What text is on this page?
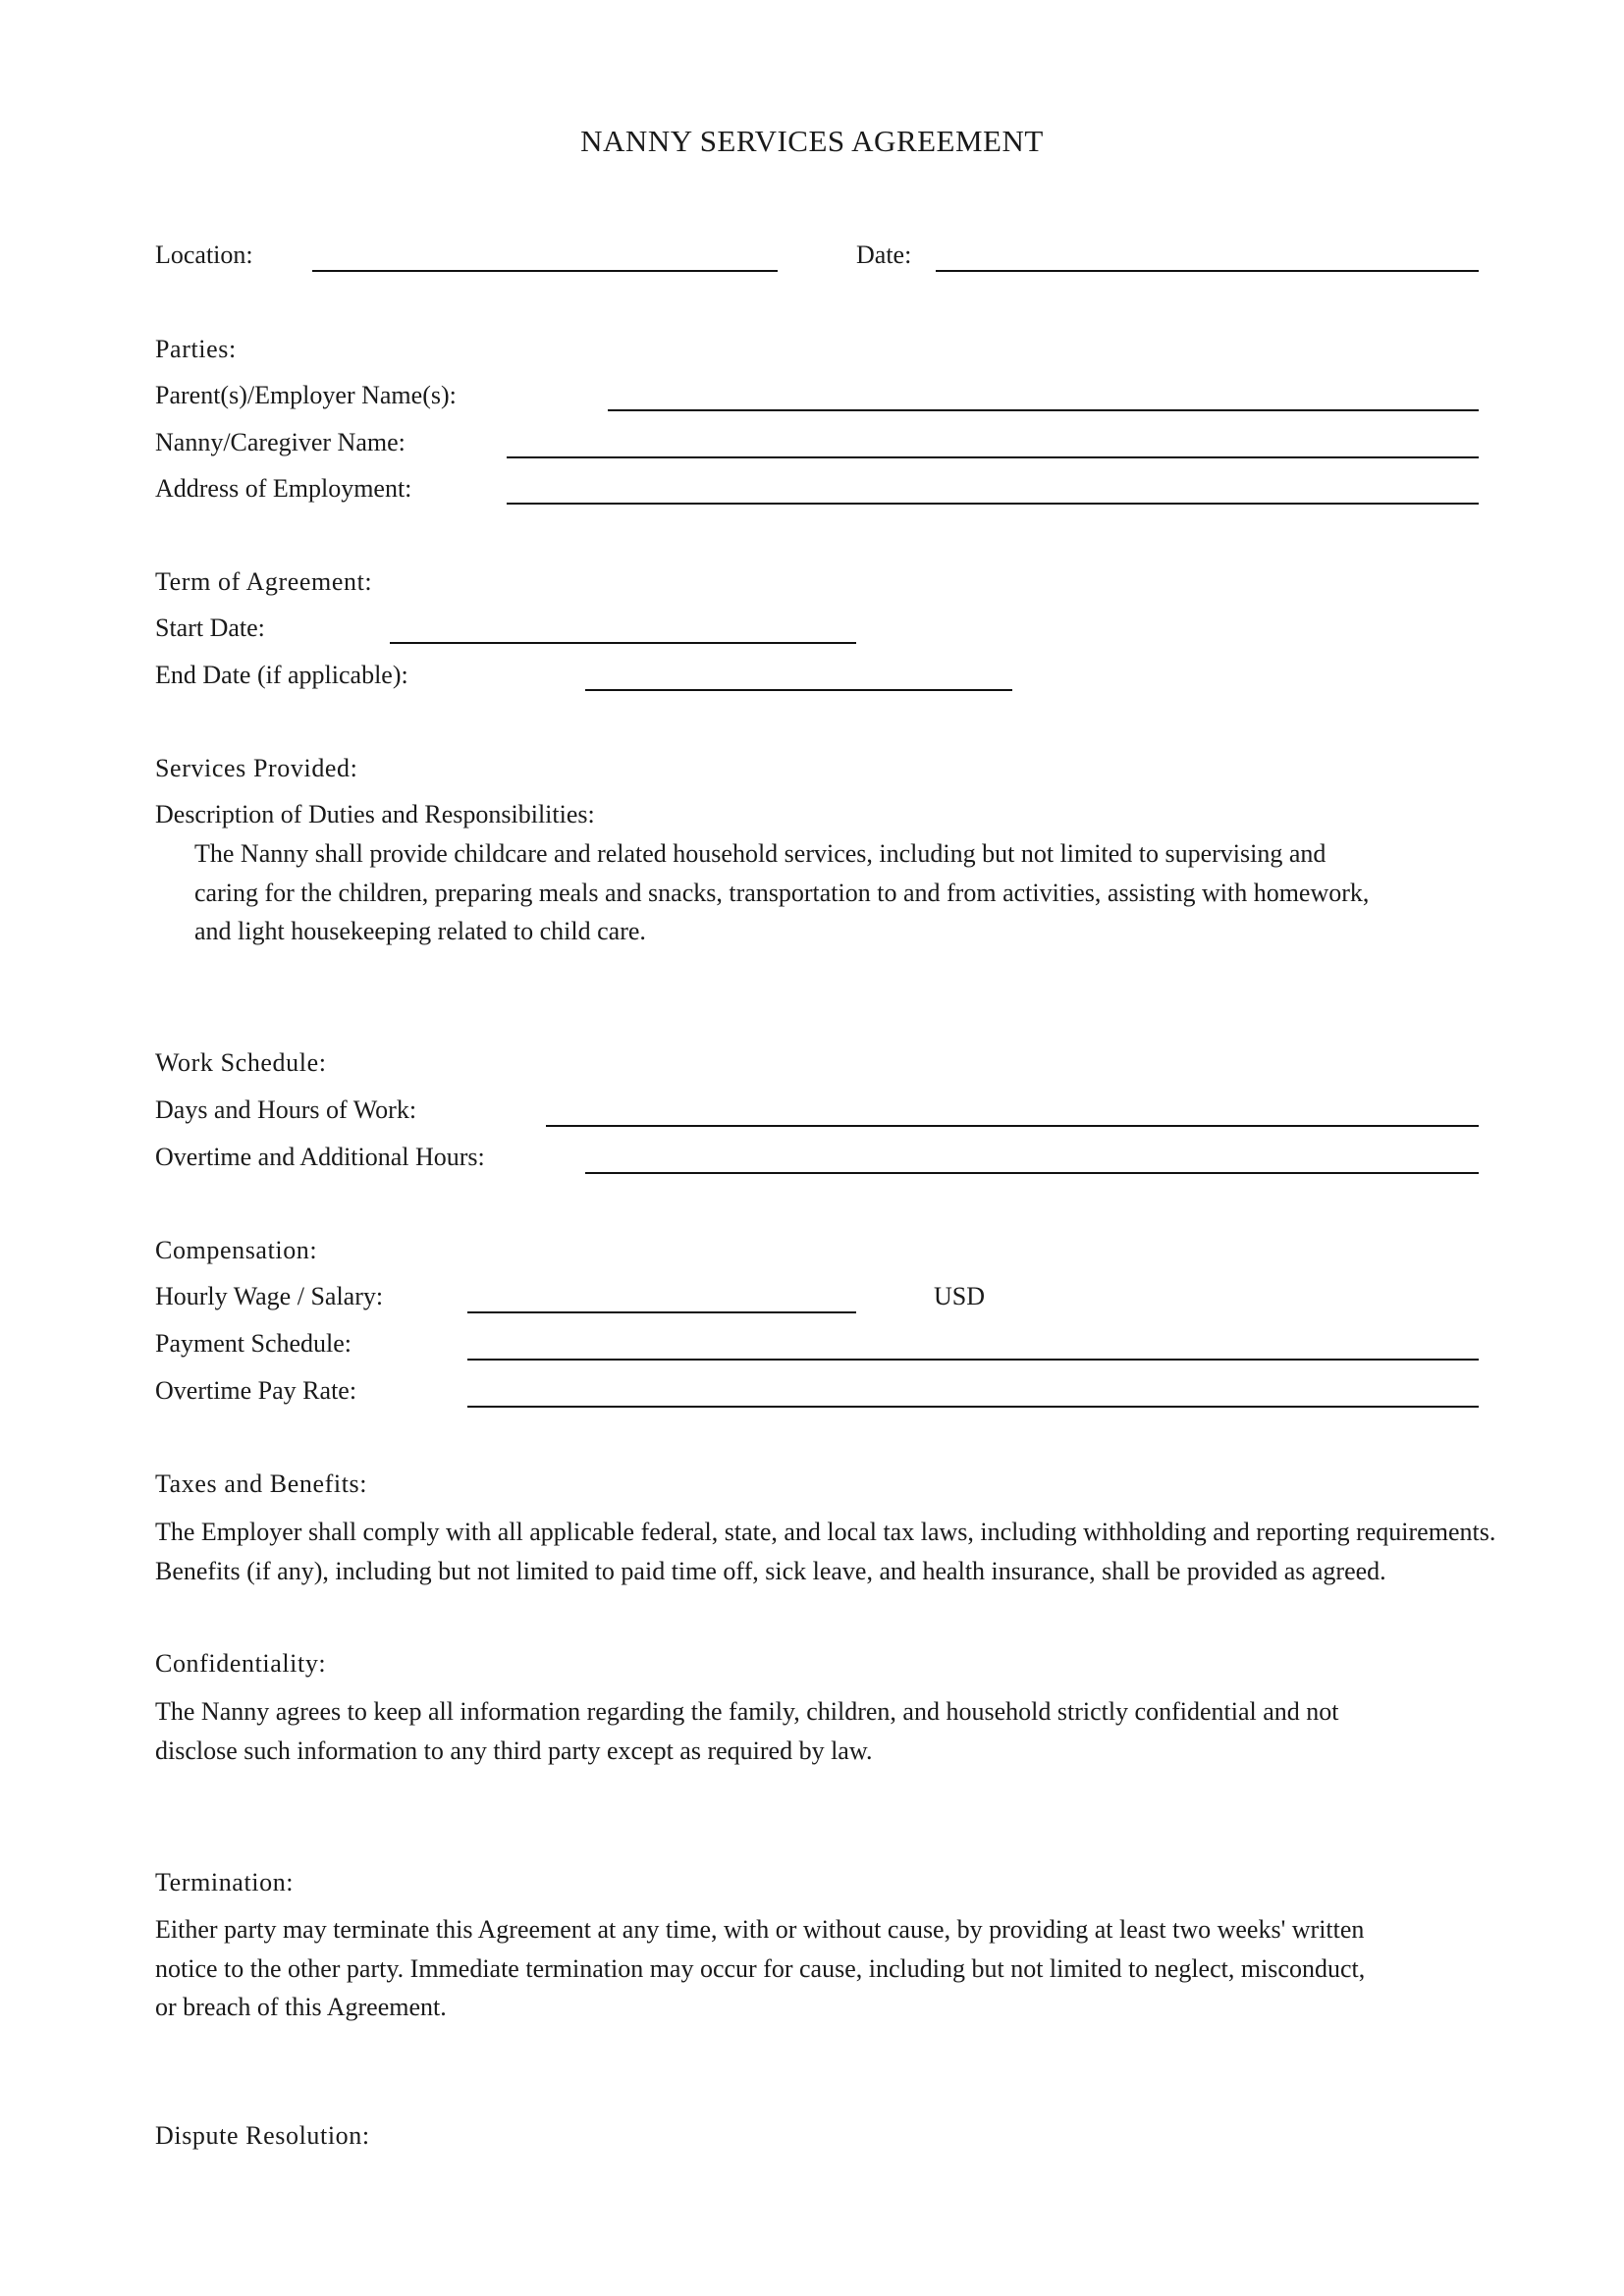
NANNY SERVICES AGREEMENT
Location:	Date:
Parties:
Parent(s)/Employer Name(s):
Nanny/Caregiver Name:
Address of Employment:
Term of Agreement:
Start Date:
End Date (if applicable):
Services Provided:
Description of Duties and Responsibilities:
The Nanny shall provide childcare and related household services, including but not limited to supervising and
caring for the children, preparing meals and snacks, transportation to and from activities, assisting with homework,
and light housekeeping related to child care.
Work Schedule:
Days and Hours of Work:
Overtime and Additional Hours:
Compensation:
Hourly Wage / Salary:	USD
Payment Schedule:
Overtime Pay Rate:
Taxes and Benefits:
The Employer shall comply with all applicable federal, state, and local tax laws, including withholding and reporting requirements.
Benefits (if any), including but not limited to paid time off, sick leave, and health insurance, shall be provided as agreed.
Confidentiality:
The Nanny agrees to keep all information regarding the family, children, and household strictly confidential and not
disclose such information to any third party except as required by law.
Termination:
Either party may terminate this Agreement at any time, with or without cause, by providing at least two weeks' written
notice to the other party. Immediate termination may occur for cause, including but not limited to neglect, misconduct,
or breach of this Agreement.
Dispute Resolution:
